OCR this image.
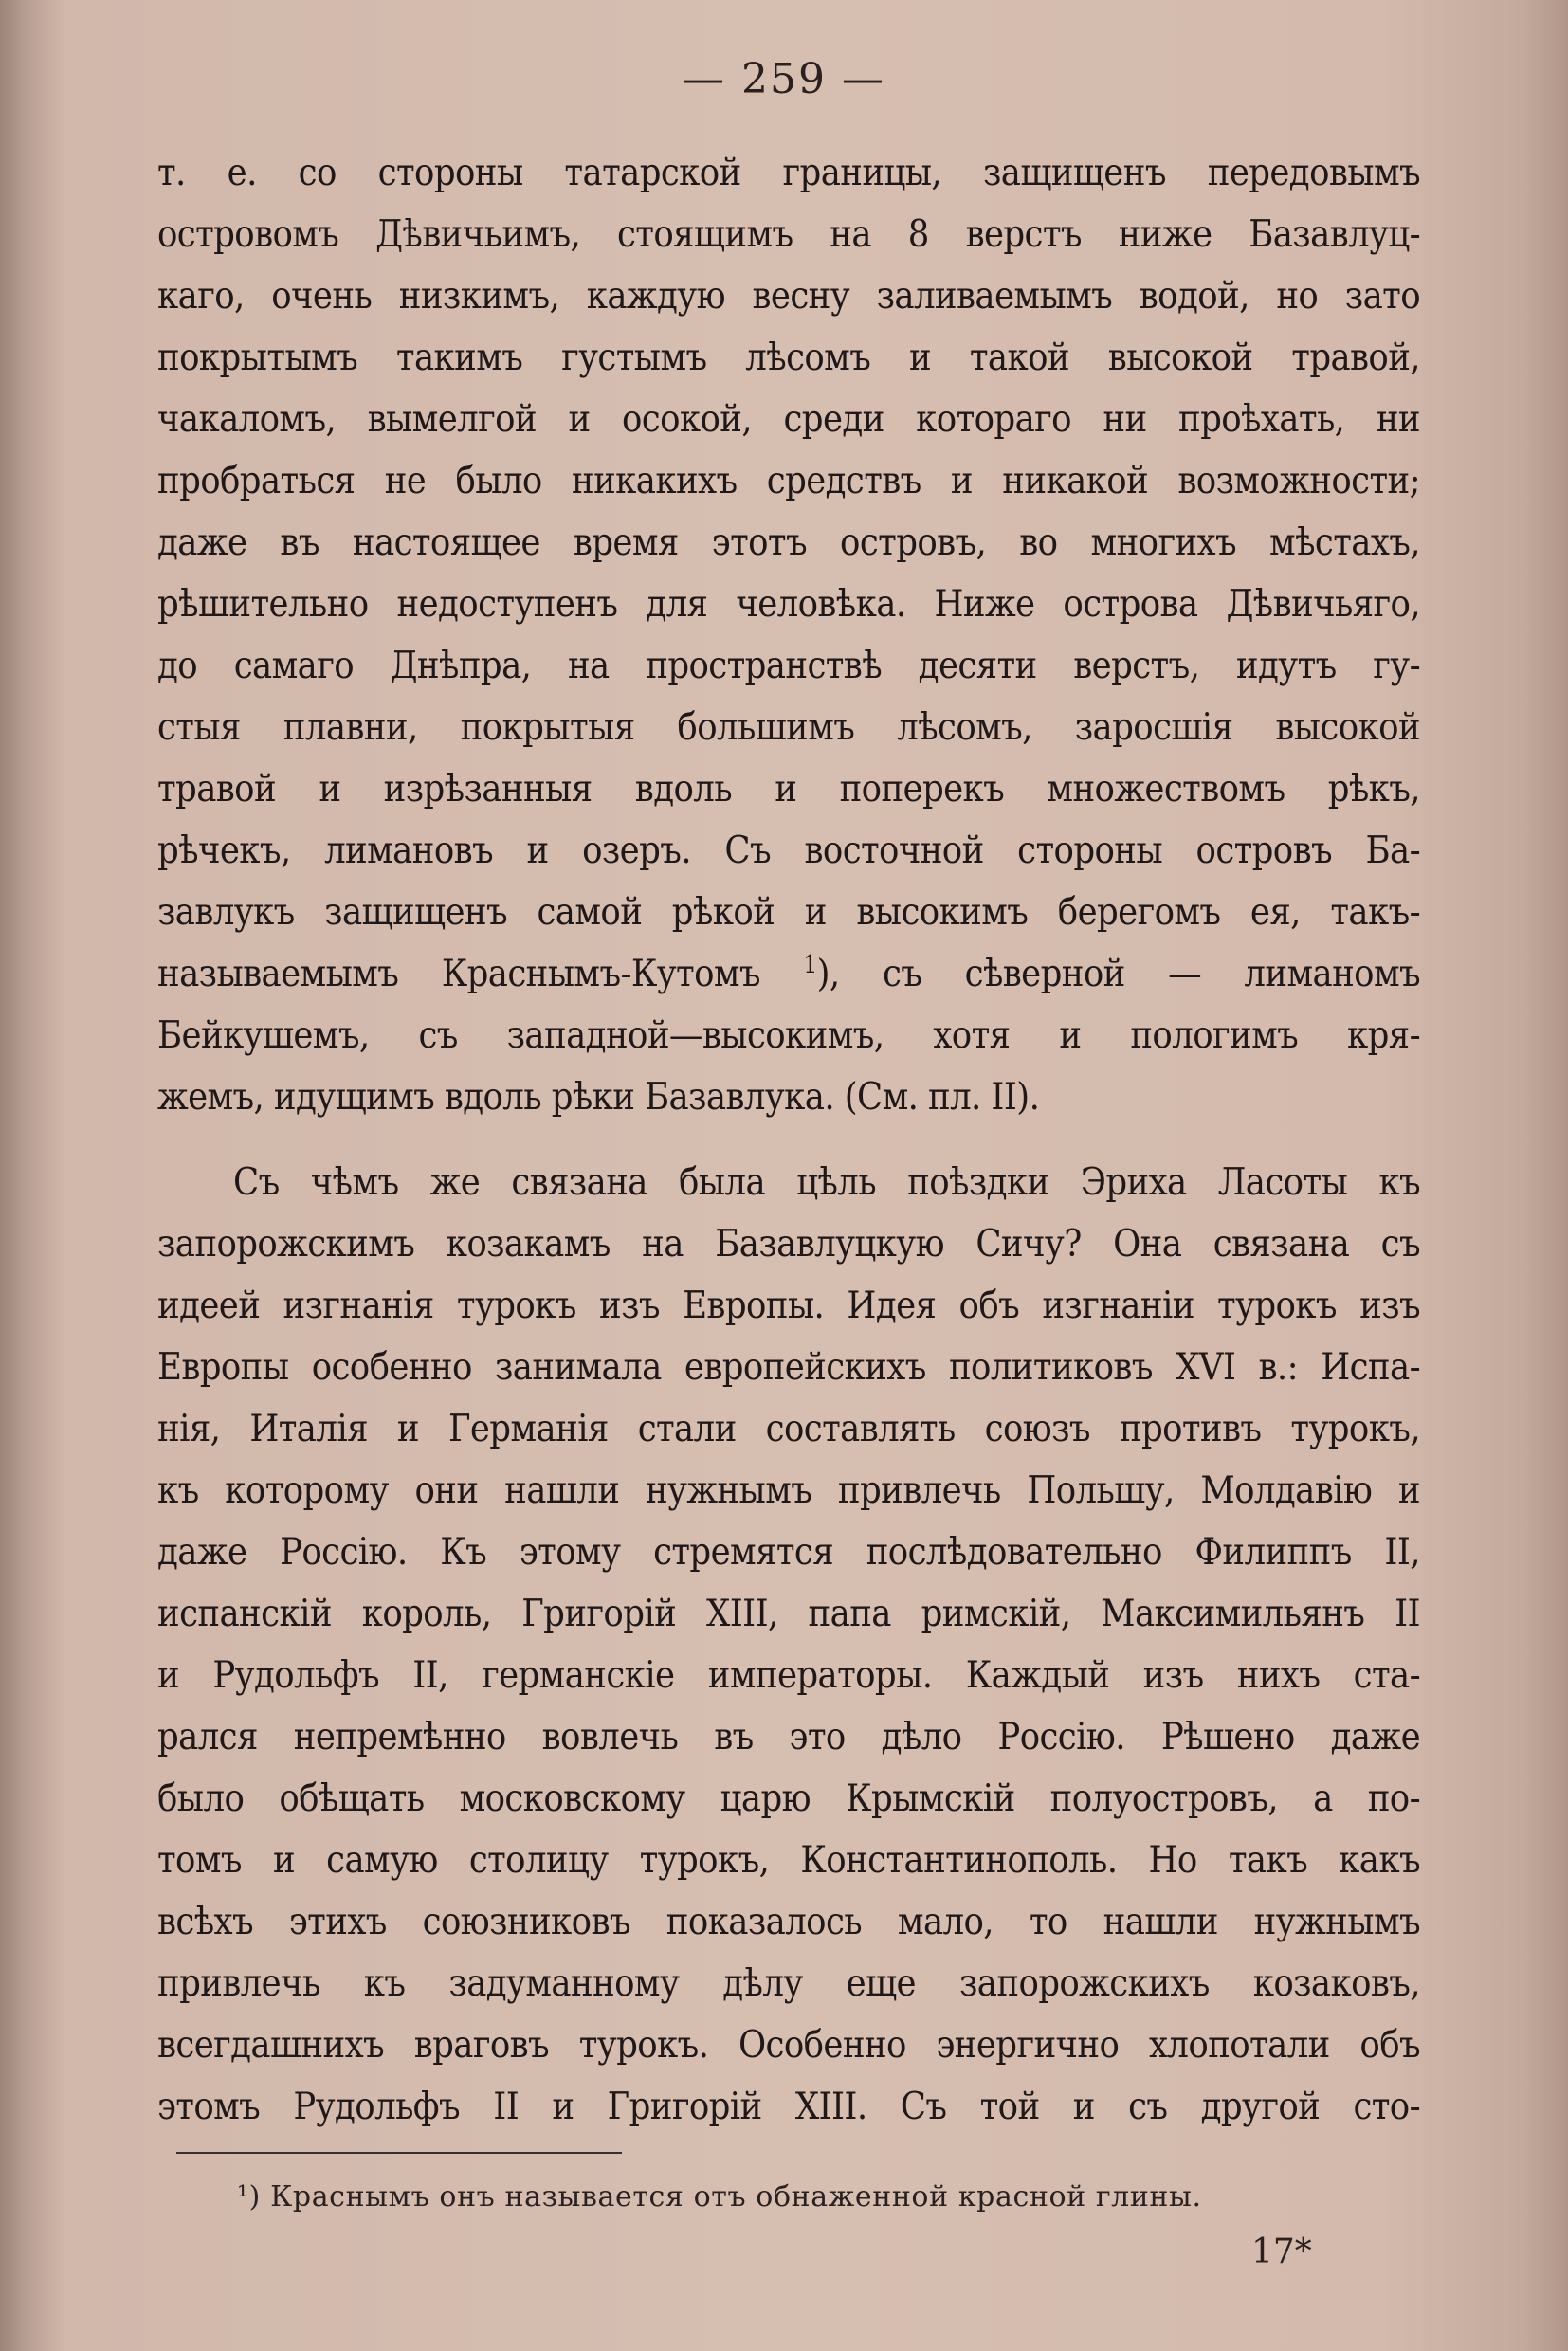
— 259 —
т. е. со стороны татарской границы, защищенъ передовымъ
островомъ Дѣвичьимъ, стоящимъ на 8 верстъ ниже Базавлуц-
каго, очень низкимъ, каждую весну заливаемымъ водой, но зато
покрытымъ такимъ густымъ лѣсомъ и такой высокой травой,
чакаломъ, вымелгой и осокой, среди котораго ни проѣхать, ни
пробраться не было никакихъ средствъ и никакой возможности;
даже въ настоящее время этотъ островъ, во многихъ мѣстахъ,
рѣшительно недоступенъ для человѣка. Ниже острова Дѣвичьяго,
до самаго Днѣпра, на пространствѣ десяти верстъ, идутъ гу-
стыя плавни, покрытыя большимъ лѣсомъ, заросшія высокой
травой и изрѣзанныя вдоль и поперекъ множествомъ рѣкъ,
рѣчекъ, лимановъ и озеръ. Съ восточной стороны островъ Ба-
завлукъ защищенъ самой рѣкой и высокимъ берегомъ ея, такъ-
называемымъ Краснымъ-Кутомъ $^1$), съ сѣверной — лиманомъ
Бейкушемъ, съ западной—высокимъ, хотя и пологимъ кря-
жемъ, идущимъ вдоль рѣки Базавлука. (См. пл. II).
Съ чѣмъ же связана была цѣль поѣздки Эриха Ласоты къ
запорожскимъ козакамъ на Базавлуцкую Сичу? Она связана съ
идеей изгнанія турокъ изъ Европы. Идея объ изгнаніи турокъ изъ
Европы особенно занимала европейскихъ политиковъ XVI в.: Испа-
нія, Италія и Германія стали составлять союзъ противъ турокъ,
къ которому они нашли нужнымъ привлечь Польшу, Молдавію и
даже Россію. Къ этому стремятся послѣдовательно Филиппъ II,
испанскій король, Григорій XIII, папа римскій, Максимильянъ II
и Рудольфъ II, германскіе императоры. Каждый изъ нихъ ста-
рался непремѣнно вовлечь въ это дѣло Россію. Рѣшено даже
было обѣщать московскому царю Крымскій полуостровъ, а по-
томъ и самую столицу турокъ, Константинополь. Но такъ какъ
всѣхъ этихъ союзниковъ показалось мало, то нашли нужнымъ
привлечь къ задуманному дѣлу еще запорожскихъ козаковъ,
всегдашнихъ враговъ турокъ. Особенно энергично хлопотали объ
этомъ Рудольфъ II и Григорій XIII. Съ той и съ другой сто-
¹) Краснымъ онъ называется отъ обнаженной красной глины.
17*
